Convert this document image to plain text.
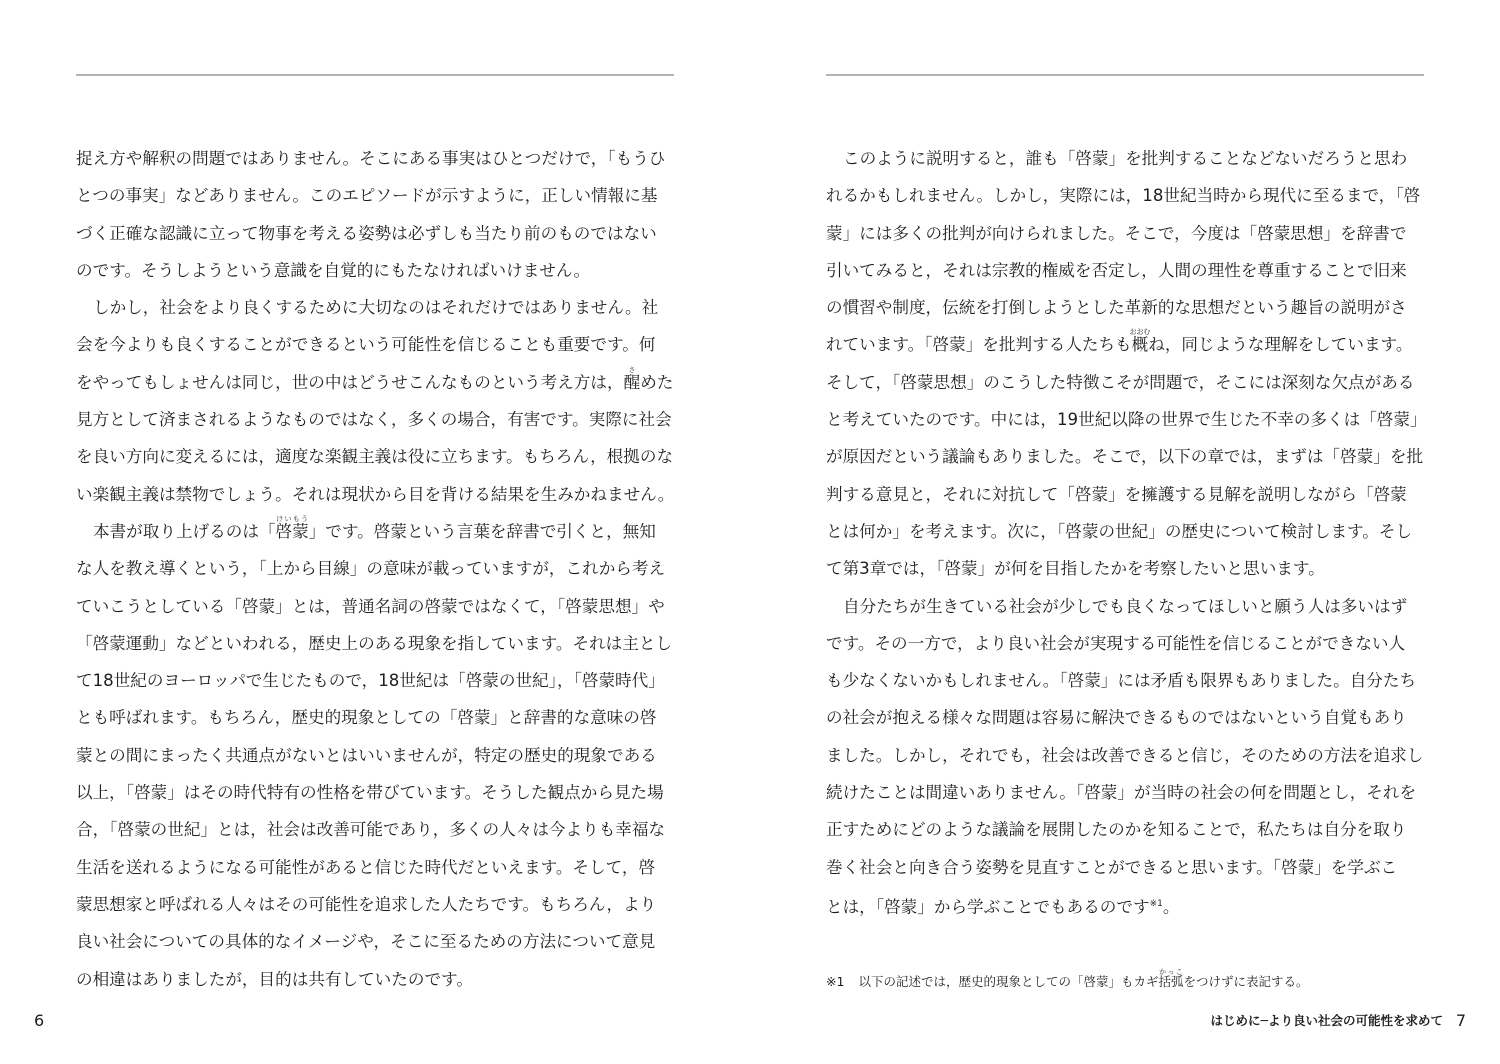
捉え方や解釈の問題ではありません。そこにある事実はひとつだけで，「もうひ
とつの事実」などありません。このエピソードが示すように，正しい情報に基
づく正確な認識に立って物事を考える姿勢は必ずしも当たり前のものではない
のです。そうしようという意識を自覚的にもたなければいけません。
しかし，社会をより良くするために大切なのはそれだけではありません。社
会を今よりも良くすることができるという可能性を信じることも重要です。何
をやってもしょせんは同じ，世の中はどうせこんなものという考え方は，醒さめた
見方として済まされるようなものではなく，多くの場合，有害です。実際に社会
を良い方向に変えるには，適度な楽観主義は役に立ちます。もちろん，根拠のな
い楽観主義は禁物でしょう。それは現状から目を背ける結果を生みかねません。
本書が取り上げるのは「啓蒙けいもう」です。啓蒙という言葉を辞書で引くと，無知
な人を教え導くという，「上から目線」の意味が載っていますが，これから考え
ていこうとしている「啓蒙」とは，普通名詞の啓蒙ではなくて，「啓蒙思想」や
「啓蒙運動」などといわれる，歴史上のある現象を指しています。それは主とし
て18世紀のヨーロッパで生じたもので，18世紀は「啓蒙の世紀」，「啓蒙時代」
とも呼ばれます。もちろん，歴史的現象としての「啓蒙」と辞書的な意味の啓
蒙との間にまったく共通点がないとはいいませんが，特定の歴史的現象である
以上，「啓蒙」はその時代特有の性格を帯びています。そうした観点から見た場
合，「啓蒙の世紀」とは，社会は改善可能であり，多くの人々は今よりも幸福な
生活を送れるようになる可能性があると信じた時代だといえます。そして，啓
蒙思想家と呼ばれる人々はその可能性を追求した人たちです。もちろん，より
良い社会についての具体的なイメージや，そこに至るための方法について意見
の相違はありましたが，目的は共有していたのです。
6
このように説明すると，誰も「啓蒙」を批判することなどないだろうと思わ
れるかもしれません。しかし，実際には，18世紀当時から現代に至るまで，「啓
蒙」には多くの批判が向けられました。そこで，今度は「啓蒙思想」を辞書で
引いてみると，それは宗教的権威を否定し，人間の理性を尊重することで旧来
の慣習や制度，伝統を打倒しようとした革新的な思想だという趣旨の説明がさ
れています。「啓蒙」を批判する人たちも概おおむね，同じような理解をしています。
そして，「啓蒙思想」のこうした特徴こそが問題で，そこには深刻な欠点がある
と考えていたのです。中には，19世紀以降の世界で生じた不幸の多くは「啓蒙」
が原因だという議論もありました。そこで，以下の章では，まずは「啓蒙」を批
判する意見と，それに対抗して「啓蒙」を擁護する見解を説明しながら「啓蒙
とは何か」を考えます。次に，「啓蒙の世紀」の歴史について検討します。そし
て第3章では，「啓蒙」が何を目指したかを考察したいと思います。
自分たちが生きている社会が少しでも良くなってほしいと願う人は多いはず
です。その一方で，より良い社会が実現する可能性を信じることができない人
も少なくないかもしれません。「啓蒙」には矛盾も限界もありました。自分たち
の社会が抱える様々な問題は容易に解決できるものではないという自覚もあり
ました。しかし，それでも，社会は改善できると信じ，そのための方法を追求し
続けたことは間違いありません。「啓蒙」が当時の社会の何を問題とし，それを
正すためにどのような議論を展開したのかを知ることで，私たちは自分を取り
巻く社会と向き合う姿勢を見直すことができると思います。「啓蒙」を学ぶこ
とは，「啓蒙」から学ぶことでもあるのです$^{※1}$。
※1 以下の記述では，歴史的現象としての「啓蒙」もカギ括弧かっこをつけずに表記する。
はじめに─より良い社会の可能性を求めて 7
